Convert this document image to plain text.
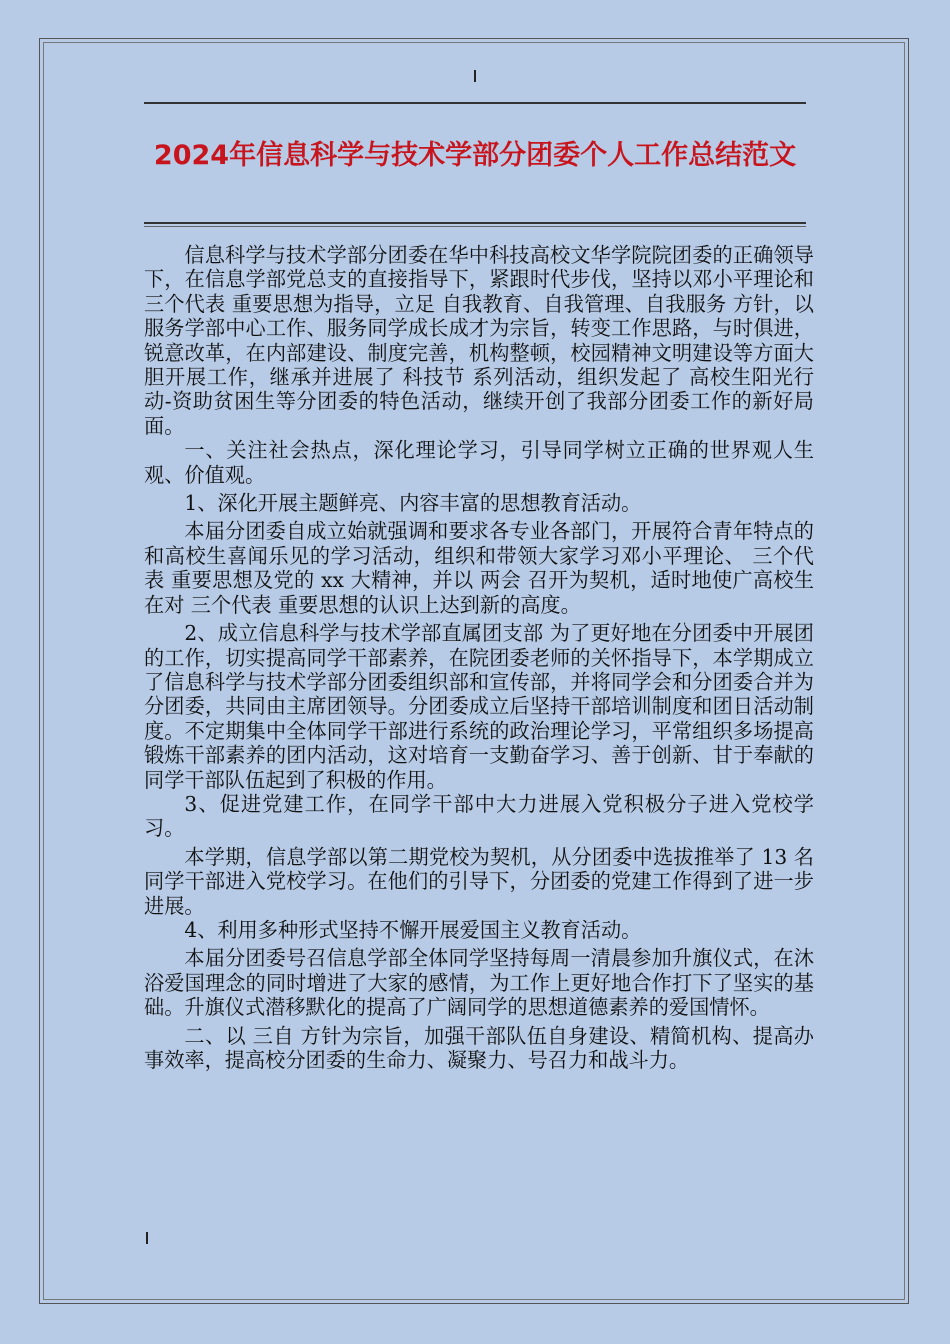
2024年信息科学与技术学部分团委个人工作总结范文

信息科学与技术学部分团委在华中科技高校文华学院院团委的正确领导下，在信息学部党总支的直接指导下，紧跟时代步伐，坚持以邓小平理论和 三个代表 重要思想为指导，立足 自我教育、自我管理、自我服务 方针，以 服务学部中心工作、服务同学成长成才为宗旨，转变工作思路，与时俱进，锐意改革，在内部建设、制度完善，机构整顿，校园精神文明建设等方面大胆开展工作，继承并进展了 科技节 系列活动，组织发起了 高校生阳光行动-资助贫困生等分团委的特色活动，继续开创了我部分团委工作的新好局面。

一、关注社会热点，深化理论学习，引导同学树立正确的世界观人生观、价值观。

1、深化开展主题鲜亮、内容丰富的思想教育活动。

本届分团委自成立始就强调和要求各专业各部门，开展符合青年特点的和高校生喜闻乐见的学习活动，组织和带领大家学习邓小平理论、 三个代表 重要思想及党的 xx 大精神，并以 两会 召开为契机，适时地使广高校生在对 三个代表 重要思想的认识上达到新的高度。

2、成立信息科学与技术学部直属团支部 为了更好地在分团委中开展团的工作，切实提高同学干部素养，在院团委老师的关怀指导下，本学期成立了信息科学与技术学部分团委组织部和宣传部，并将同学会和分团委合并为分团委，共同由主席团领导。分团委成立后坚持干部培训制度和团日活动制度。不定期集中全体同学干部进行系统的政治理论学习，平常组织多场提高锻炼干部素养的团内活动，这对培育一支勤奋学习、善于创新、甘于奉献的同学干部队伍起到了积极的作用。

3、促进党建工作，在同学干部中大力进展入党积极分子进入党校学习。

本学期，信息学部以第二期党校为契机，从分团委中选拔推举了 13 名同学干部进入党校学习。在他们的引导下，分团委的党建工作得到了进一步进展。

4、利用多种形式坚持不懈开展爱国主义教育活动。

本届分团委号召信息学部全体同学坚持每周一清晨参加升旗仪式，在沐浴爱国理念的同时增进了大家的感情，为工作上更好地合作打下了坚实的基础。升旗仪式潜移默化的提高了广阔同学的思想道德素养的爱国情怀。

二、以 三自 方针为宗旨，加强干部队伍自身建设、精简机构、提高办事效率，提高校分团委的生命力、凝聚力、号召力和战斗力。
